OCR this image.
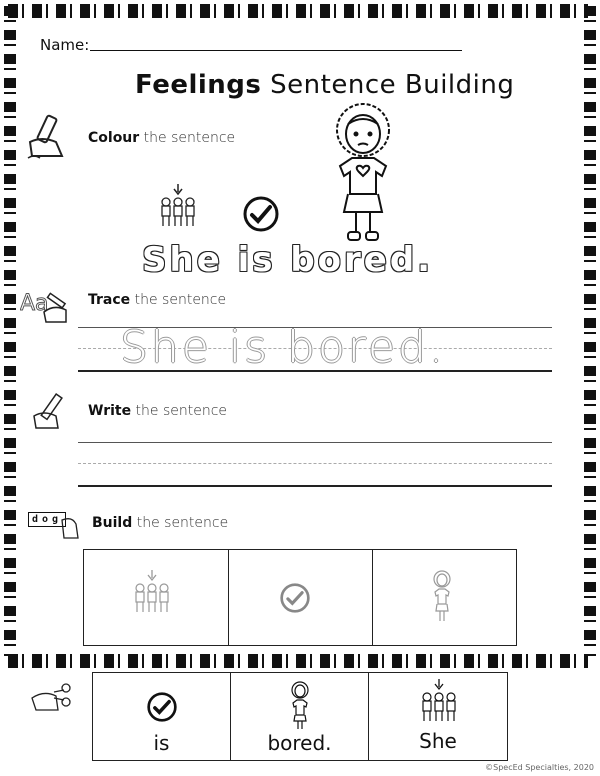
Name:
Feelings Sentence Building
Colour the sentence
She is bored.
Aa	Trace the sentence
She is bored.
Write the sentence
dog Build the sentence
is	bored.	She
©SpecEd Specialties, 2020
